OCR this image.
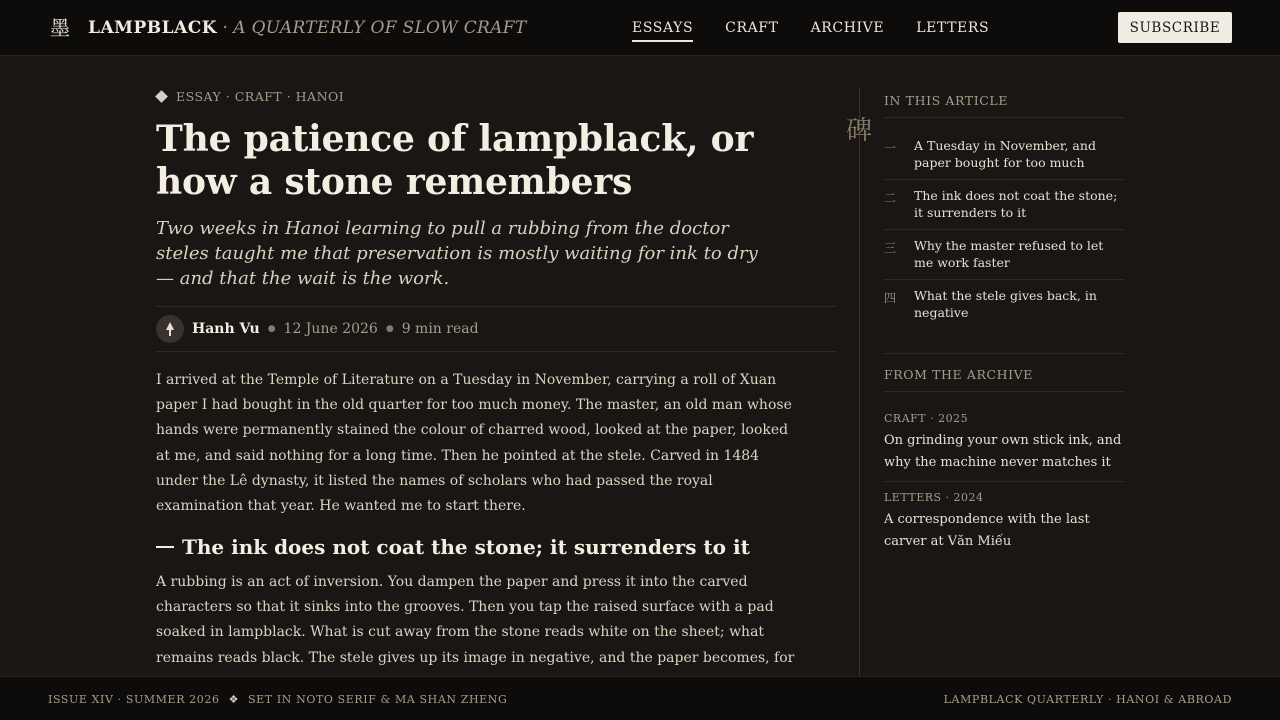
墨 LAMPBLACK · A QUARTERLY OF SLOW CRAFT	ESSAYS CRAFT ARCHIVE LETTERS	SUBSCRIBE
ESSAY · CRAFT · HANOI
The patience of lampblack, or how a stone remembers

Two weeks in Hanoi learning to pull a rubbing from the doctor steles taught me that preservation is mostly waiting for ink to dry — and that the wait is the work.

Hanh Vu ● 12 June 2026 ● 9 min read

I arrived at the Temple of Literature on a Tuesday in November, carrying a roll of Xuan paper I had bought in the old quarter for too much money. The master, an old man whose hands were permanently stained the colour of charred wood, looked at the paper, looked at me, and said nothing for a long time. Then he pointed at the stele. Carved in 1484 under the Lê dynasty, it listed the names of scholars who had passed the royal examination that year. He wanted me to start there.

The ink does not coat the stone; it surrenders to it

A rubbing is an act of inversion. You dampen the paper and press it into the carved characters so that it sinks into the grooves. Then you tap the raised surface with a pad soaked in lampblack. What is cut away from the stone reads white on the sheet; what remains reads black. The stele gives up its image in negative, and the paper becomes, for

碑
IN THIS ARTICLE
一	A Tuesday in November, and paper bought for too much
二	The ink does not coat the stone; it surrenders to it
三	Why the master refused to let me work faster
四	What the stele gives back, in negative
FROM THE ARCHIVE
CRAFT · 2025
On grinding your own stick ink, and why the machine never matches it
LETTERS · 2024
A correspondence with the last carver at Văn Miếu
ISSUE XIV · SUMMER 2026 ❖ SET IN NOTO SERIF & MA SHAN ZHENG	LAMPBLACK QUARTERLY · HANOI & ABROAD
